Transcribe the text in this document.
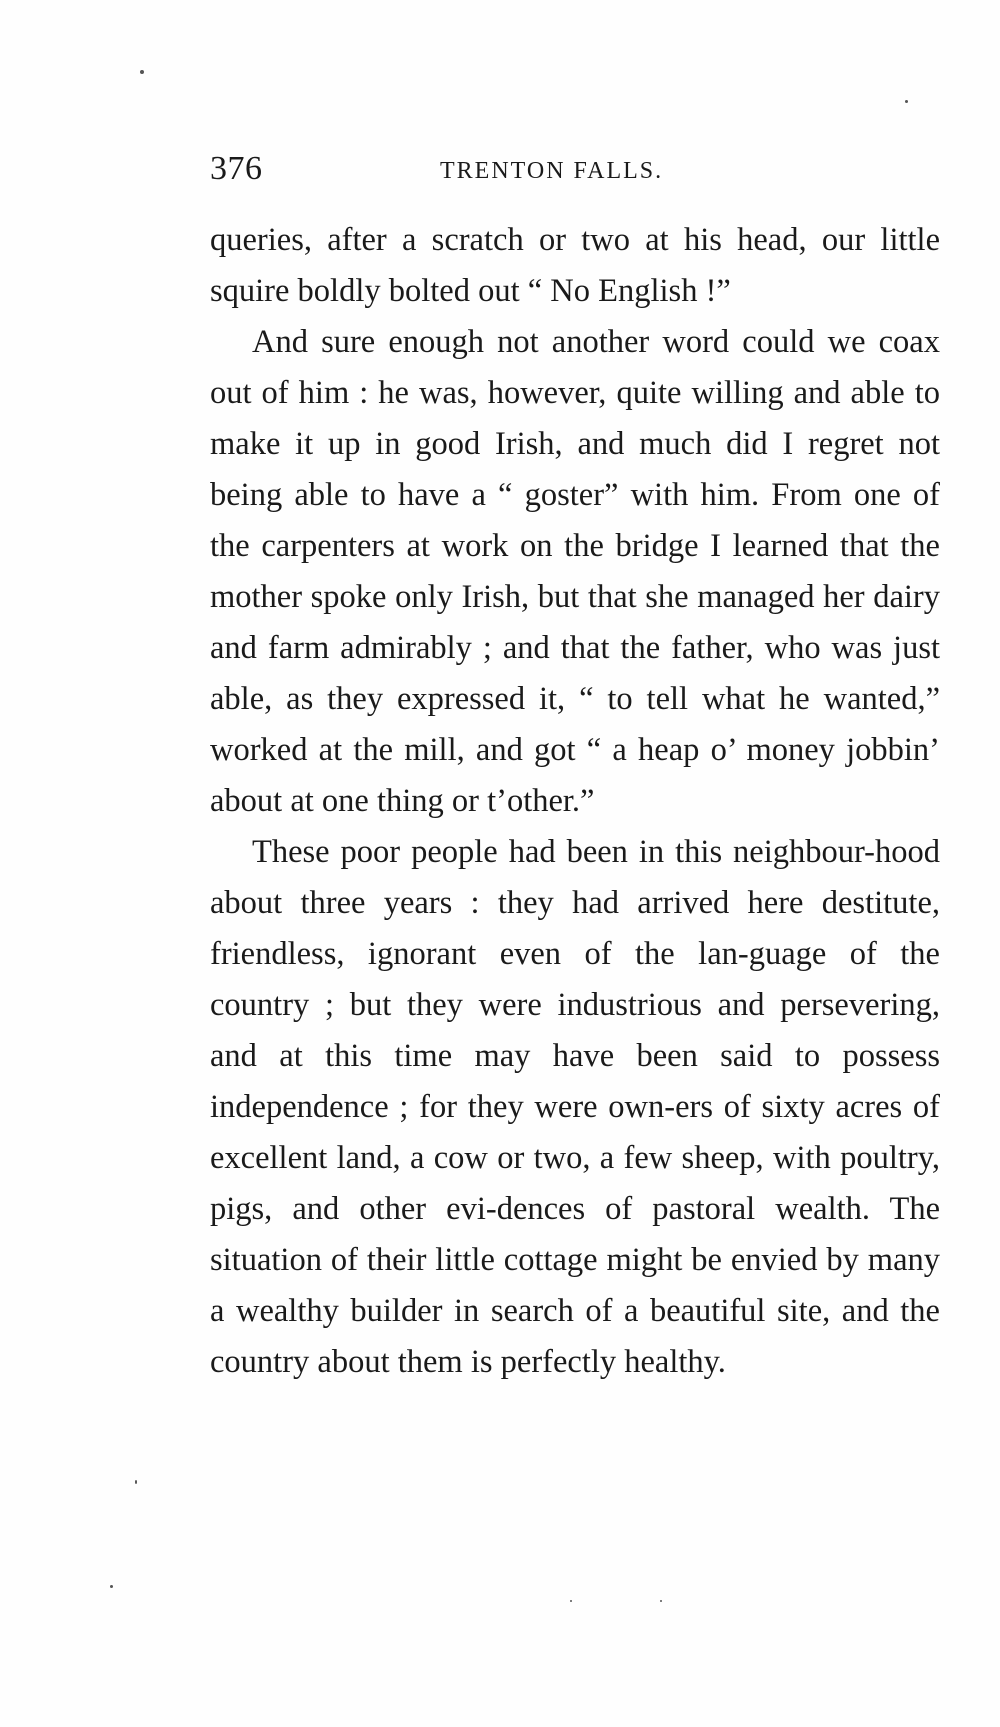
376	TRENTON FALLS.

queries, after a scratch or two at his head, our little squire boldly bolted out “ No English !”

And sure enough not another word could we coax out of him : he was, however, quite willing and able to make it up in good Irish, and much did I regret not being able to have a “ goster” with him. From one of the carpenters at work on the bridge I learned that the mother spoke only Irish, but that she managed her dairy and farm admirably ; and that the father, who was just able, as they expressed it, “ to tell what he wanted,” worked at the mill, and got “ a heap o’ money jobbin’ about at one thing or t’other.”

These poor people had been in this neighbour-hood about three years : they had arrived here destitute, friendless, ignorant even of the lan-guage of the country ; but they were industrious and persevering, and at this time may have been said to possess independence ; for they were own-ers of sixty acres of excellent land, a cow or two, a few sheep, with poultry, pigs, and other evi-dences of pastoral wealth. The situation of their little cottage might be envied by many a wealthy builder in search of a beautiful site, and the country about them is perfectly healthy.
